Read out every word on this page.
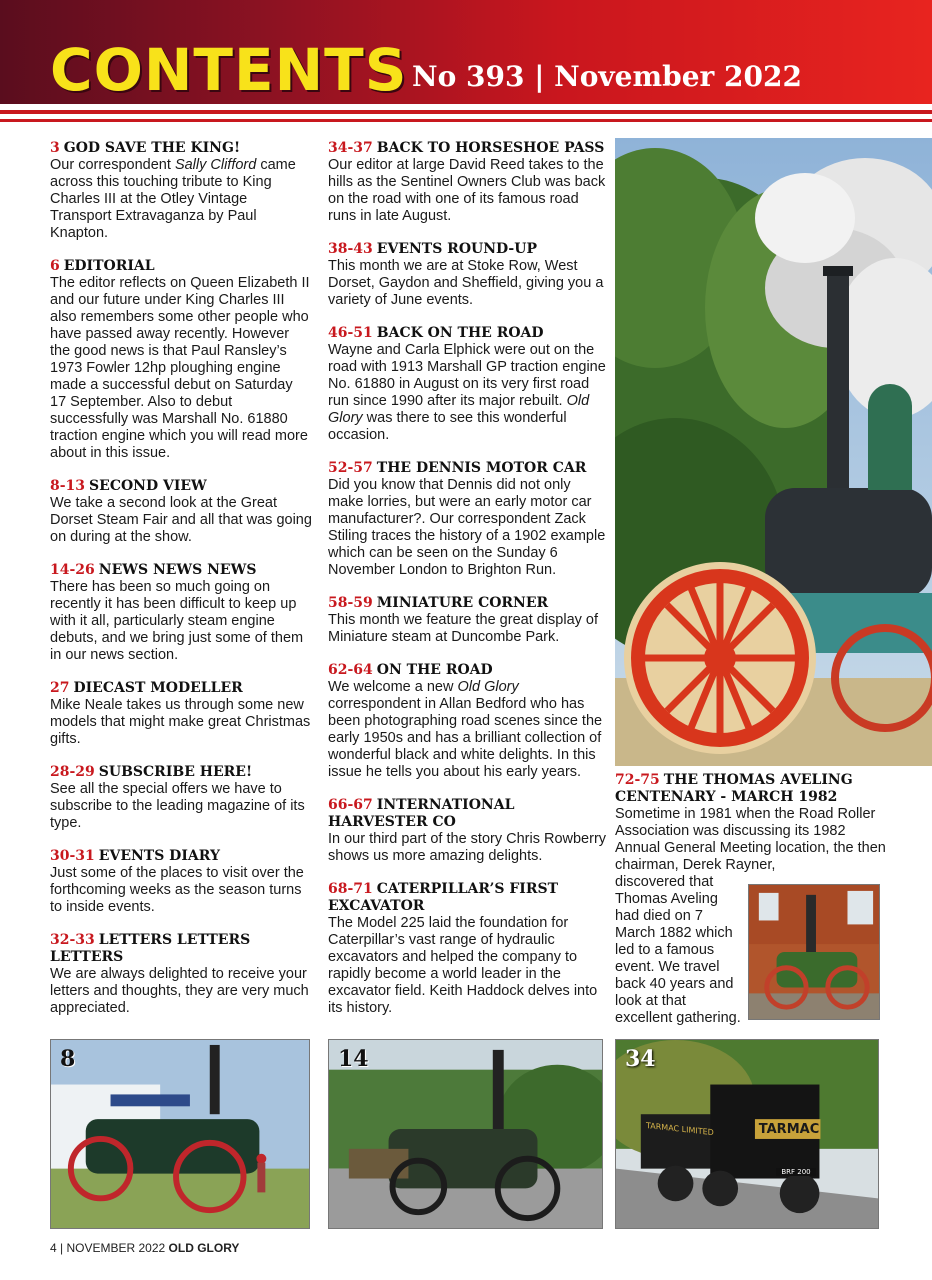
CONTENTS No 393 | November 2022
3 GOD SAVE THE KING!
Our correspondent Sally Clifford came across this touching tribute to King Charles III at the Otley Vintage Transport Extravaganza by Paul Knapton.
6 EDITORIAL
The editor reflects on Queen Elizabeth II and our future under King Charles III also remembers some other people who have passed away recently. However the good news is that Paul Ransley’s 1973 Fowler 12hp ploughing engine made a successful debut on Saturday 17 September. Also to debut successfully was Marshall No. 61880 traction engine which you will read more about in this issue.
8-13 SECOND VIEW
We take a second look at the Great Dorset Steam Fair and all that was going on during at the show.
14-26 NEWS NEWS NEWS
There has been so much going on recently it has been difficult to keep up with it all, particularly steam engine debuts, and we bring just some of them in our news section.
27 DIECAST MODELLER
Mike Neale takes us through some new models that might make great Christmas gifts.
28-29 SUBSCRIBE HERE!
See all the special offers we have to subscribe to the leading magazine of its type.
30-31 EVENTS DIARY
Just some of the places to visit over the forthcoming weeks as the season turns to inside events.
32-33 LETTERS LETTERS LETTERS
We are always delighted to receive your letters and thoughts, they are very much appreciated.
34-37 BACK TO HORSESHOE PASS
Our editor at large David Reed takes to the hills as the Sentinel Owners Club was back on the road with one of its famous road runs in late August.
38-43 EVENTS ROUND-UP
This month we are at Stoke Row, West Dorset, Gaydon and Sheffield, giving you a variety of June events.
46-51 BACK ON THE ROAD
Wayne and Carla Elphick were out on the road with 1913 Marshall GP traction engine No. 61880 in August on its very first road run since 1990 after its major rebuilt. Old Glory was there to see this wonderful occasion.
52-57 THE DENNIS MOTOR CAR
Did you know that Dennis did not only make lorries, but were an early motor car manufacturer?. Our correspondent Zack Stiling traces the history of a 1902 example which can be seen on the Sunday 6 November London to Brighton Run.
58-59 MINIATURE CORNER
This month we feature the great display of Miniature steam at Duncombe Park.
62-64 ON THE ROAD
We welcome a new Old Glory correspondent in Allan Bedford who has been photographing road scenes since the early 1950s and has a brilliant collection of wonderful black and white delights. In this issue he tells you about his early years.
66-67 INTERNATIONAL HARVESTER CO
In our third part of the story Chris Rowberry shows us more amazing delights.
68-71 CATERPILLAR’S FIRST EXCAVATOR
The Model 225 laid the foundation for Caterpillar’s vast range of hydraulic excavators and helped the company to rapidly become a world leader in the excavator field. Keith Haddock delves into its history.
72-75 THE THOMAS AVELING CENTENARY - MARCH 1982
Sometime in 1981 when the Road Roller Association was discussing its 1982 Annual General Meeting location, the then chairman, Derek Rayner,
discovered that Thomas Aveling had died on 7 March 1882 which led to a famous event. We travel back 40 years and look at that excellent gathering.
8	14	34
TARMAC
TARMAC LIMITED
BRF 200
4 | NOVEMBER 2022 OLD GLORY
